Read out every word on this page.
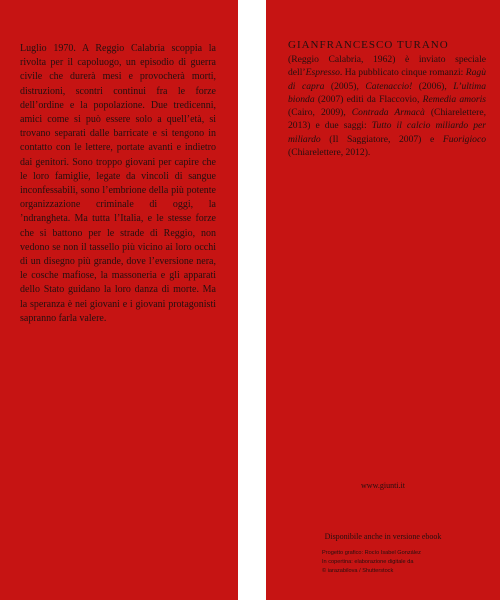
Luglio 1970. A Reggio Calabria scoppia la rivolta per il capoluogo, un episodio di guerra civile che durerà mesi e provocherà morti, distruzioni, scontri continui fra le forze dell’ordine e la popolazione. Due tredicenni, amici come si può essere solo a quell’età, si trovano separati dalle barricate e si tengono in contatto con le lettere, portate avanti e indietro dai genitori. Sono troppo giovani per capire che le loro famiglie, legate da vincoli di sangue inconfessabili, sono l’embrione della più potente organizzazione criminale di oggi, la ’ndrangheta. Ma tutta l’Italia, e le stesse forze che si battono per le strade di Reggio, non vedono se non il tassello più vicino ai loro occhi di un disegno più grande, dove l’eversione nera, le cosche mafiose, la massoneria e gli apparati dello Stato guidano la loro danza di morte. Ma la speranza è nei giovani e i giovani protagonisti sapranno farla valere.

GIANFRANCESCO TURANO

(Reggio Calabria, 1962) è inviato speciale dell’Espresso. Ha pubblicato cinque romanzi: Ragù di capra (2005), Catenaccio! (2006), L’ultima bionda (2007) editi da Flaccovio, Remedia amoris (Cairo, 2009), Contrada Armacà (Chiarelettere, 2013) e due saggi: Tutto il calcio miliardo per miliardo (Il Saggiatore, 2007) e Fuorigioco (Chiarelettere, 2012).

www.giunti.it

Disponibile anche in versione ebook

Progetto grafico: Rocío Isabel González
In copertina: elaborazione digitale da
© iarazabilova / Shutterstock
